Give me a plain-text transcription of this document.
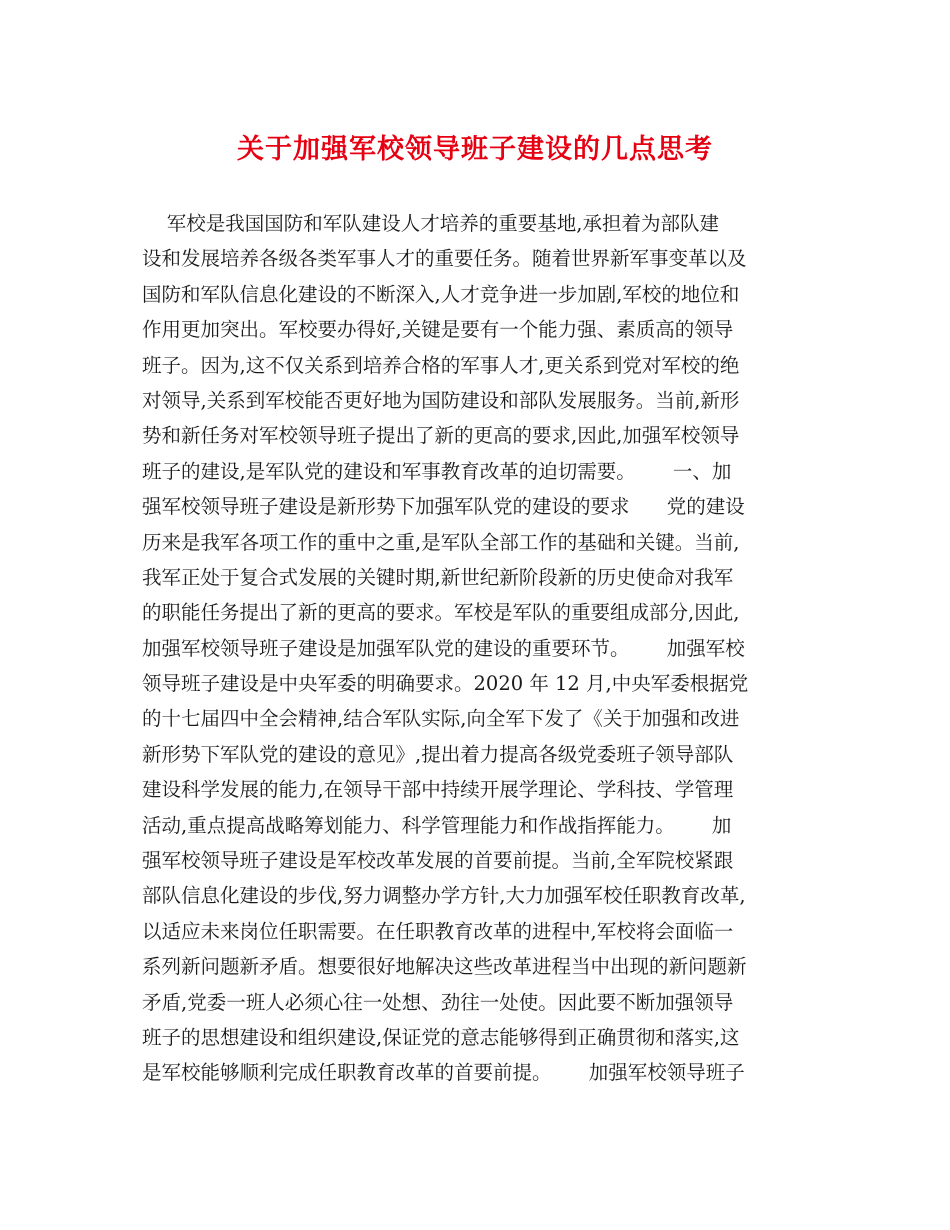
关于加强军校领导班子建设的几点思考
军校是我国国防和军队建设人才培养的重要基地,承担着为部队建
设和发展培养各级各类军事人才的重要任务。随着世界新军事变革以及
国防和军队信息化建设的不断深入,人才竞争进一步加剧,军校的地位和
作用更加突出。军校要办得好,关键是要有一个能力强、素质高的领导
班子。因为,这不仅关系到培养合格的军事人才,更关系到党对军校的绝
对领导,关系到军校能否更好地为国防建设和部队发展服务。当前,新形
势和新任务对军校领导班子提出了新的更高的要求,因此,加强军校领导
班子的建设,是军队党的建设和军事教育改革的迫切需要。      一、加
强军校领导班子建设是新形势下加强军队党的建设的要求      党的建设
历来是我军各项工作的重中之重,是军队全部工作的基础和关键。当前,
我军正处于复合式发展的关键时期,新世纪新阶段新的历史使命对我军
的职能任务提出了新的更高的要求。军校是军队的重要组成部分,因此,
加强军校领导班子建设是加强军队党的建设的重要环节。      加强军校
领导班子建设是中央军委的明确要求。2020 年 12 月,中央军委根据党
的十七届四中全会精神,结合军队实际,向全军下发了《关于加强和改进
新形势下军队党的建设的意见》,提出着力提高各级党委班子领导部队
建设科学发展的能力,在领导干部中持续开展学理论、学科技、学管理
活动,重点提高战略筹划能力、科学管理能力和作战指挥能力。      加
强军校领导班子建设是军校改革发展的首要前提。当前,全军院校紧跟
部队信息化建设的步伐,努力调整办学方针,大力加强军校任职教育改革,
以适应未来岗位任职需要。在任职教育改革的进程中,军校将会面临一
系列新问题新矛盾。想要很好地解决这些改革进程当中出现的新问题新
矛盾,党委一班人必须心往一处想、劲往一处使。因此要不断加强领导
班子的思想建设和组织建设,保证党的意志能够得到正确贯彻和落实,这
是军校能够顺利完成任职教育改革的首要前提。      加强军校领导班子
